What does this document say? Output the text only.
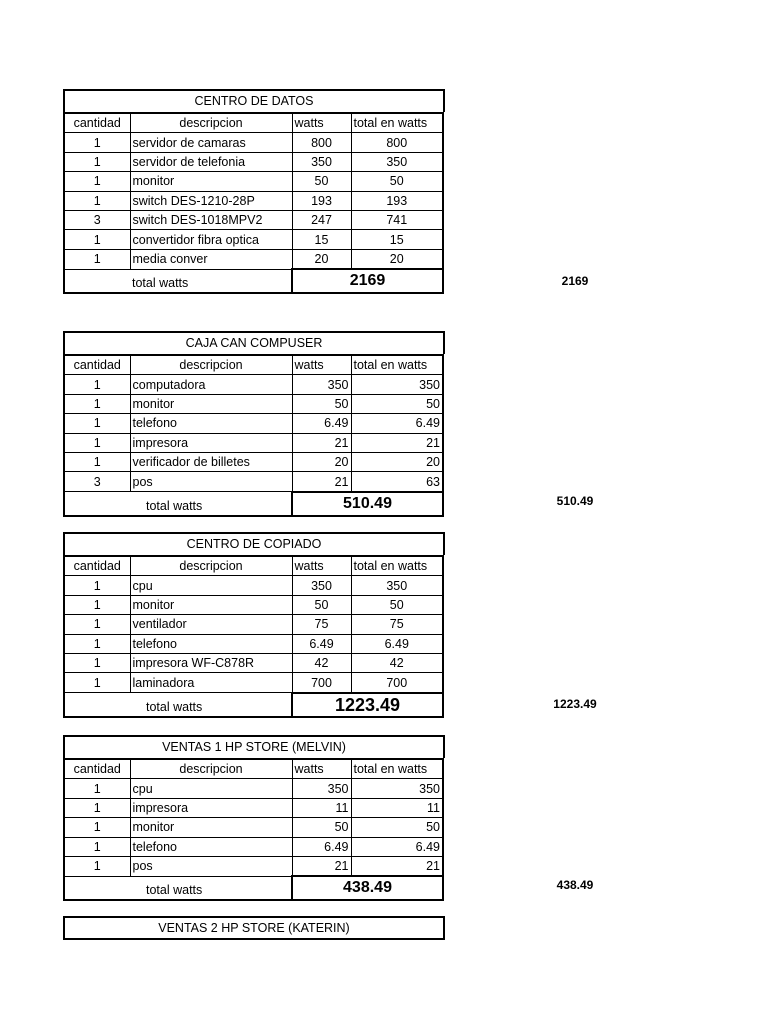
CENTRO DE DATOS
cantidad	descripcion	watts	total en watts
1	servidor de camaras	800	800
1	servidor de telefonia	350	350
1	monitor	50	50
1	switch DES-1210-28P	193	193
3	switch DES-1018MPV2	247	741
1	convertidor fibra optica	15	15
1	media conver	20	20
	total watts	2169		2169
CAJA CAN COMPUSER
cantidad	descripcion	watts	total en watts
1	computadora	350	350
1	monitor	50	50
1	telefono	6.49	6.49
1	impresora	21	21
1	verificador de billetes	20	20
3	pos	21	63
	total watts	510.49		510.49
CENTRO DE COPIADO
cantidad	descripcion	watts	total en watts
1	cpu	350	350
1	monitor	50	50
1	ventilador	75	75
1	telefono	6.49	6.49
1	impresora WF-C878R	42	42
1	laminadora	700	700
	total watts	1223.49		1223.49
VENTAS 1 HP STORE (MELVIN)
cantidad	descripcion	watts	total en watts
1	cpu	350	350
1	impresora	11	11
1	monitor	50	50
1	telefono	6.49	6.49
1	pos	21	21
	total watts	438.49		438.49
VENTAS 2 HP STORE (KATERIN)
